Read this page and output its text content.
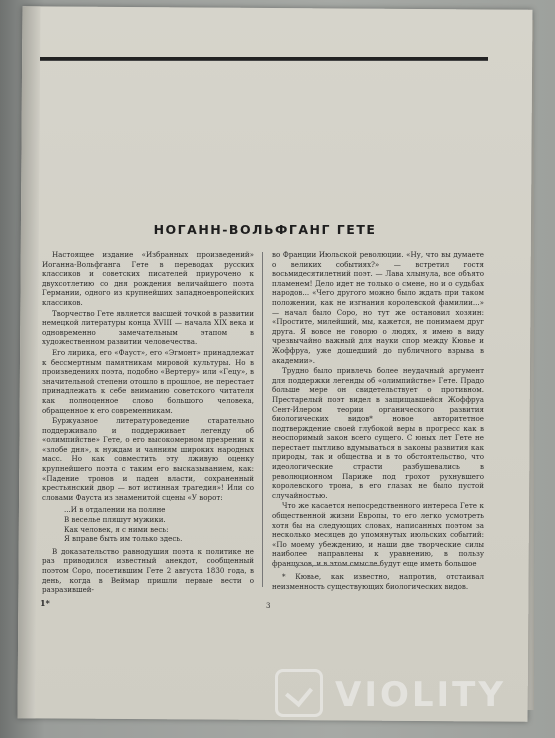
НОГАНН-ВОЛЬФГАНГ ГЕТЕ

Настоящее издание «Избранных произведений» Иоганна-Вольфганга Гете в переводах русских классиков и советских писателей приурочено к двухсотлетию со дня рождения величайшего поэта Германии, одного из крупнейших западноевропейских классиков.

Творчество Гете является высшей точкой в развитии немецкой литературы конца XVIII — начала XIX века и одновременно замечательным этапом в художественном развитии человечества.

Его лирика, его «Фауст», его «Эгмонт» принадлежат к бессмертным памятникам мировой культуры. Но в произведениях поэта, подобно «Вертеру» или «Гецу», в значительной степени отошло в прошлое, не перестает принадлежать к себе вниманию советского читателя как полноценное слово большого человека, обращенное к его современникам.

Буржуазное литературоведение старательно поддерживало и поддерживает легенду об «олимпийстве» Гете, о его высокомерном презрении к «злобе дня», к нуждам и чаяниям широких народных масс. Но как совместить эту лживую оценку крупнейшего поэта с таким его высказыванием, как: «Падение тронов и паден власти, сохраненный крестьянский двор — вот истинная трагедия»! Или со словами Фауста из знаменитой сцены «У ворот:

...И в отдалении на поляне
В веселье пляшут мужики.
Как человек, я с ними весь:
Я вправе быть им только здесь.

В доказательство равнодушия поэта к политике не раз приводился известный анекдот, сообщенный поэтом Соро, посетившим Гете 2 августа 1830 года, в день, когда в Веймар пришли первые вести о разразившей-

во Франции Июльской революции. «Ну, что вы думаете о великих событиях?» — встретил гостя восьмидесятилетний поэт. — Лава хлынула, все объято пламенем! Дело идет не только о смене, но и о судьбах народов... «Чего другого можно было ждать при таком положении, как не изгнания королевской фамилии...» — начал было Соро, но тут же остановил хозяин: «Простите, милейший, мы, кажется, не понимаем друг друга. Я вовсе не говорю о людях, я имею в виду чрезвычайно важный для науки спор между Кювье и Жоффруа, уже дошедший до публичного взрыва в академии».

Трудно было привлечь более неудачный аргумент для поддержки легенды об «олимпийстве» Гете. Прадо больше мере он свидетельствует о противном. Престарелый поэт видел в защищавшейся Жоффруа Сент-Илером теории органического развития биологических видов* новое авторитетное подтверждение своей глубокой веры в прогресс как в неоспоримый закон всего сущего. С юных лет Гете не перестает пытливо вдумываться в законы развития как природы, так и общества и в то обстоятельство, что идеологические страсти разбушевались в революционном Париже под грохот рухнувшего королевского трона, в его глазах не было пустой случайностью.

Что же касается непосредственного интереса Гете к общественной жизни Европы, то его легко усмотреть хотя бы на следующих словах, написанных поэтом за несколько месяцев до упомянутых июльских событий: «По моему убеждению, и наши две творческие силы наиболее направлены к уравнению, в пользу французов, и в этом смысле будут еще иметь большое

* Кювье, как известно, напротив, отстаивал неизменность существующих биологических видов.

1*	3
VIOLITY
